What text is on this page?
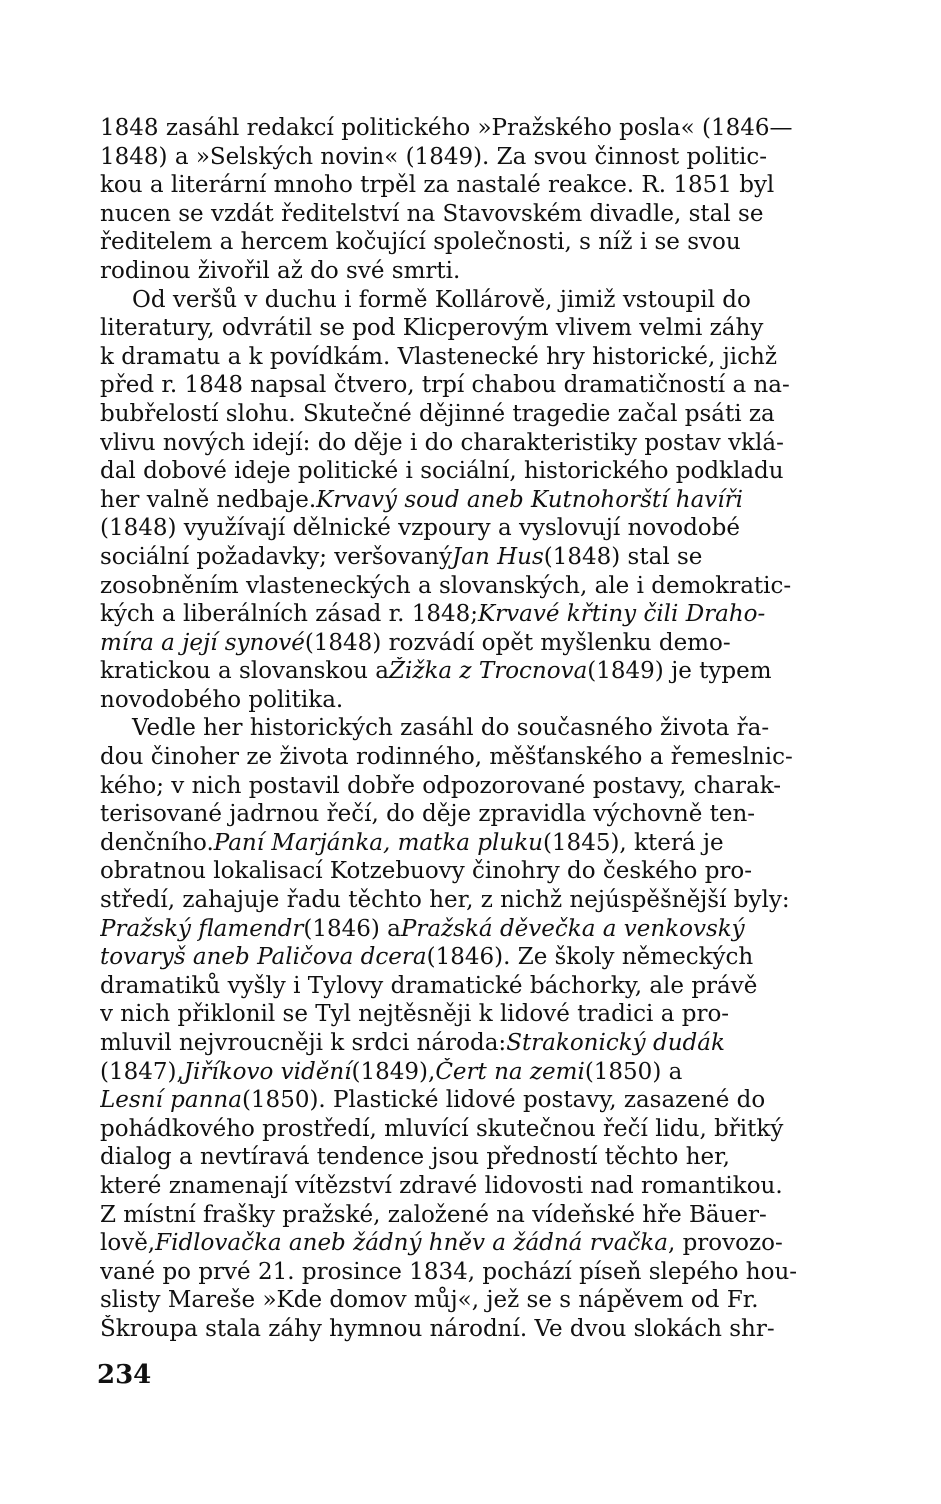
1848 zasáhl redakcí politického »Pražského posla« (1846—
1848) a »Selských novin« (1849). Za svou činnost politic-
kou a literární mnoho trpěl za nastalé reakce. R. 1851 byl
nucen se vzdát ředitelství na Stavovském divadle, stal se
ředitelem a hercem kočující společnosti, s níž i se svou
rodinou živořil až do své smrti.
Od veršů v duchu i formě Kollárově, jimiž vstoupil do
literatury, odvrátil se pod Klicperovým vlivem velmi záhy
k dramatu a k povídkám. Vlastenecké hry historické, jichž
před r. 1848 napsal čtvero, trpí chabou dramatičností a na-
bubřelostí slohu. Skutečné dějinné tragedie začal psáti za
vlivu nových idejí: do děje i do charakteristiky postav vklá-
dal dobové ideje politické i sociální, historického podkladu
her valně nedbaje.Krvavý soud aneb Kutnohorští havíři
(1848) využívají dělnické vzpoury a vyslovují novodobé
sociální požadavky; veršovanýJan Hus(1848) stal se
zosobněním vlasteneckých a slovanských, ale i demokratic-
kých a liberálních zásad r. 1848;Krvavé křtiny čili Draho-
míra a její synové(1848) rozvádí opět myšlenku demo-
kratickou a slovanskou aŽižka z Trocnova(1849) je typem
novodobého politika.
Vedle her historických zasáhl do současného života řa-
dou činoher ze života rodinného, měšťanského a řemeslnic-
kého; v nich postavil dobře odpozorované postavy, charak-
terisované jadrnou řečí, do děje zpravidla výchovně ten-
denčního.Paní Marjánka, matka pluku(1845), která je
obratnou lokalisací Kotzebuovy činohry do českého pro-
středí, zahajuje řadu těchto her, z nichž nejúspěšnější byly:
Pražský flamendr(1846) aPražská děvečka a venkovský
tovaryš aneb Paličova dcera(1846). Ze školy německých
dramatiků vyšly i Tylovy dramatické báchorky, ale právě
v nich přiklonil se Tyl nejtěsněji k lidové tradici a pro-
mluvil nejvroucněji k srdci národa:Strakonický dudák
(1847),Jiříkovo vidění(1849),Čert na zemi(1850) a
Lesní panna(1850). Plastické lidové postavy, zasazené do
pohádkového prostředí, mluvící skutečnou řečí lidu, břitký
dialog a nevtíravá tendence jsou předností těchto her,
které znamenají vítězství zdravé lidovosti nad romantikou.
Z místní frašky pražské, založené na vídeňské hře Bäuer-
lově,Fidlovačka aneb žádný hněv a žádná rvačka, provozo-
vané po prvé 21. prosince 1834, pochází píseň slepého hou-
slisty Mareše »Kde domov můj«, jež se s nápěvem od Fr.
Škroupa stala záhy hymnou národní. Ve dvou slokách shr-
234
